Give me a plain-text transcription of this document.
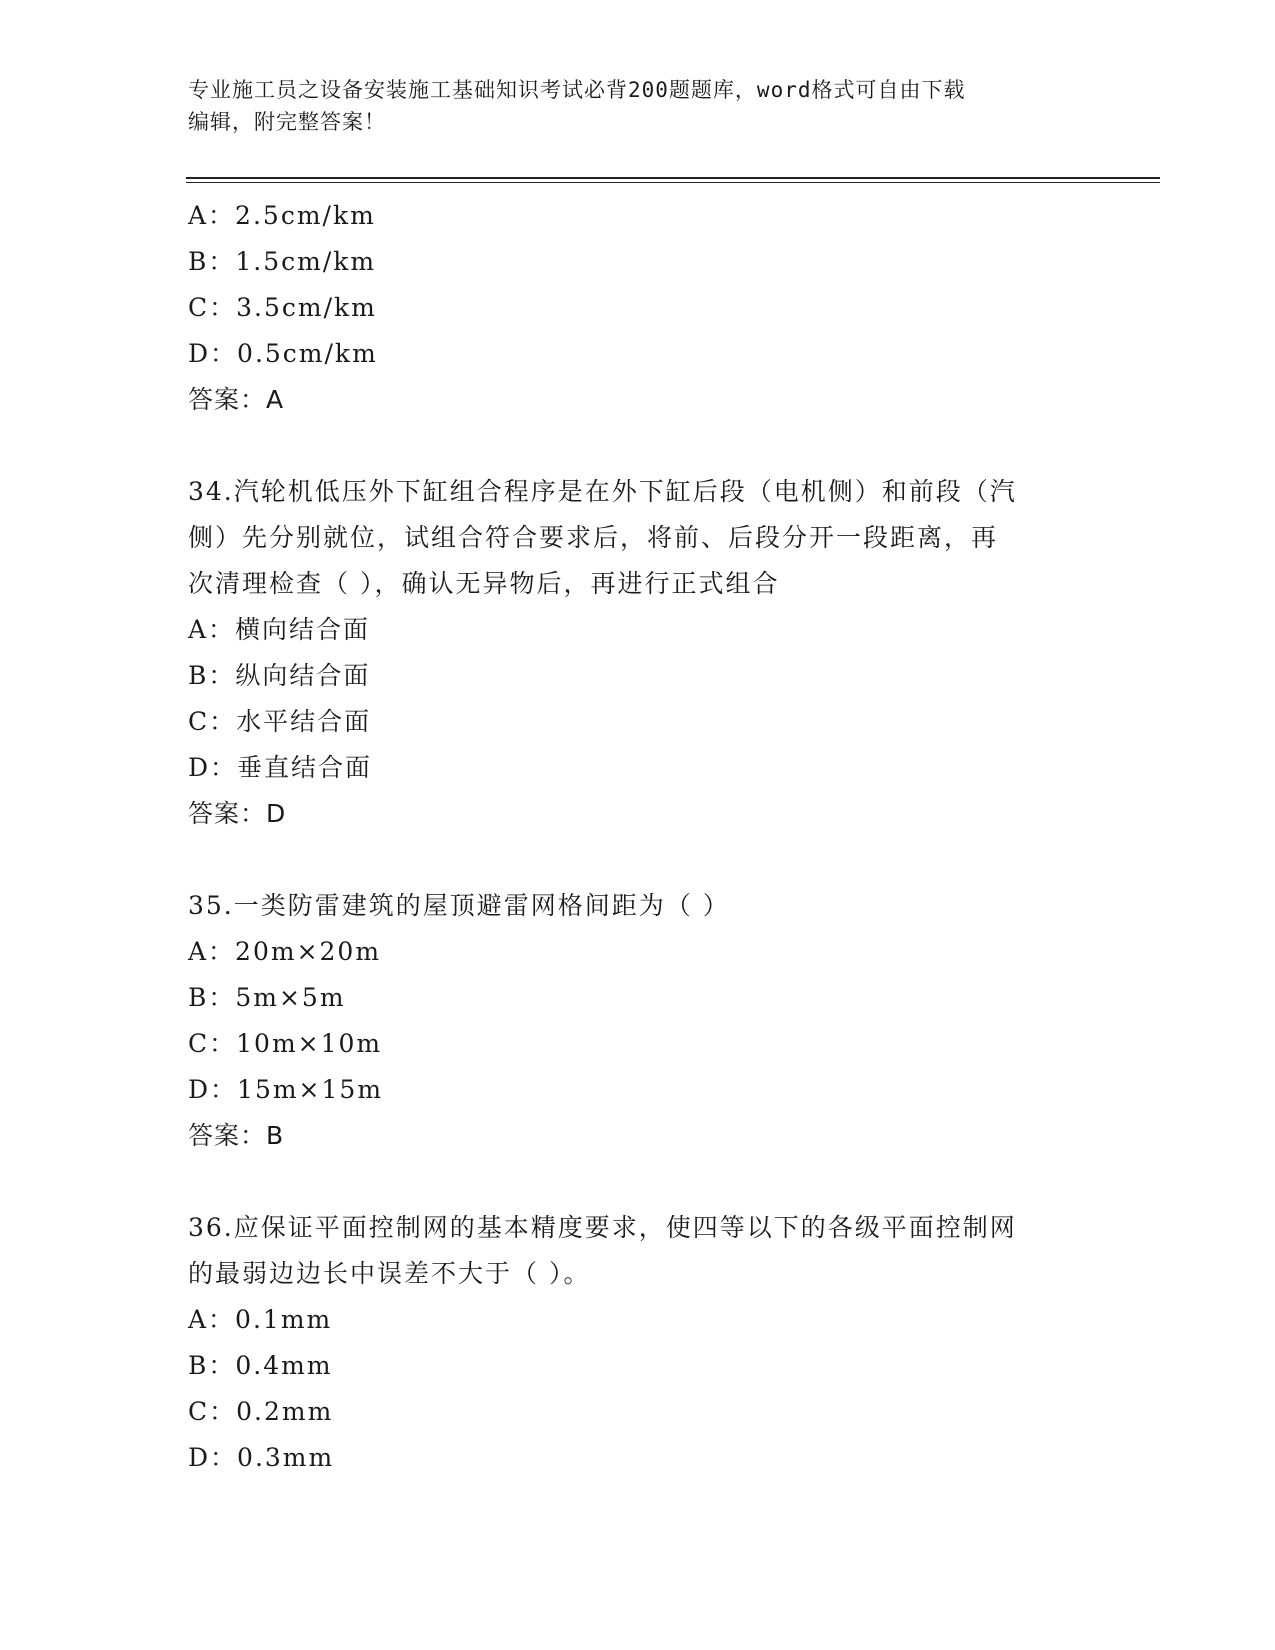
专业施工员之设备安装施工基础知识考试必背200题题库，word格式可自由下载
编辑，附完整答案！
A：2.5cm/km
B：1.5cm/km
C：3.5cm/km
D：0.5cm/km
答案：A
34.汽轮机低压外下缸组合程序是在外下缸后段（电机侧）和前段（汽
侧）先分别就位，试组合符合要求后，将前、后段分开一段距离，再
次清理检查（ ），确认无异物后，再进行正式组合
A：横向结合面
B：纵向结合面
C：水平结合面
D：垂直结合面
答案：D
35.一类防雷建筑的屋顶避雷网格间距为（ ）
A：20m×20m
B：5m×5m
C：10m×10m
D：15m×15m
答案：B
36.应保证平面控制网的基本精度要求，使四等以下的各级平面控制网
的最弱边边长中误差不大于（ ）。
A：0.1mm
B：0.4mm
C：0.2mm
D：0.3mm
